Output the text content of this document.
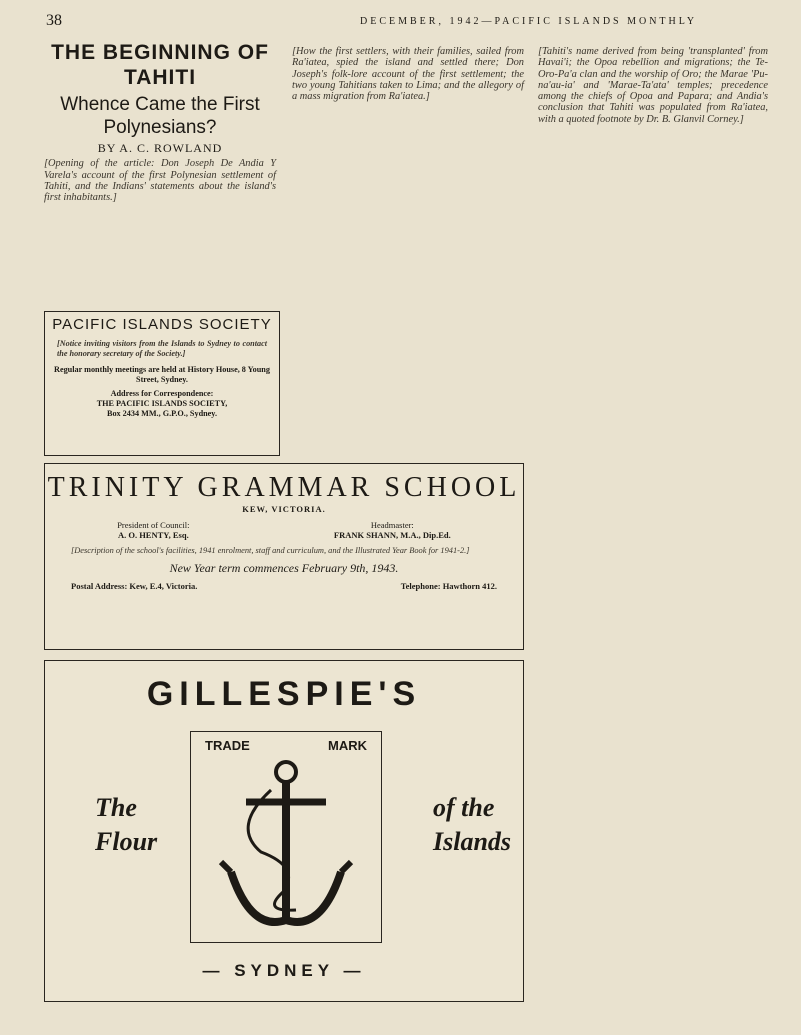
38	DECEMBER, 1942—PACIFIC ISLANDS MONTHLY
THE BEGINNING OF
TAHITI
Whence Came the First
Polynesians?
BY A. C. ROWLAND

[Opening of the article: Don Joseph De Andia Y Varela's account of the first Polynesian settlement of Tahiti, and the Indians' statements about the island's first inhabitants.]

PACIFIC ISLANDS SOCIETY
[Notice inviting visitors from the Islands to Sydney to contact the honorary secretary of the Society.]
Regular monthly meetings are held at History House, 8 Young Street, Sydney.
Address for Correspondence:
THE PACIFIC ISLANDS SOCIETY,
Box 2434 MM., G.P.O., Sydney.

[How the first settlers, with their families, sailed from Ra'iatea, spied the island and settled there; Don Joseph's folk-lore account of the first settlement; the two young Tahitians taken to Lima; and the allegory of a mass migration from Ra'iatea.]

[Tahiti's name derived from being 'transplanted' from Havai'i; the Opoa rebellion and migrations; the Te-Oro-Pa'a clan and the worship of Oro; the Marae 'Pu-na'au-ia' and 'Marae-Ta'ata' temples; precedence among the chiefs of Opoa and Papara; and Andia's conclusion that Tahiti was populated from Ra'iatea, with a quoted footnote by Dr. B. Glanvil Corney.]

TRINITY GRAMMAR SCHOOL
KEW, VICTORIA.
President of Council:
A. O. HENTY, Esq.
Headmaster:
FRANK SHANN, M.A., Dip.Ed.
[Description of the school's facilities, 1941 enrolment, staff and curriculum, and the Illustrated Year Book for 1941-2.]
New Year term commences February 9th, 1943.
Postal Address: Kew, E.4, Victoria.	Telephone: Hawthorn 412.
GILLESPIE'S
The
Flour
of the
Islands
TRADE	MARK
— SYDNEY —
